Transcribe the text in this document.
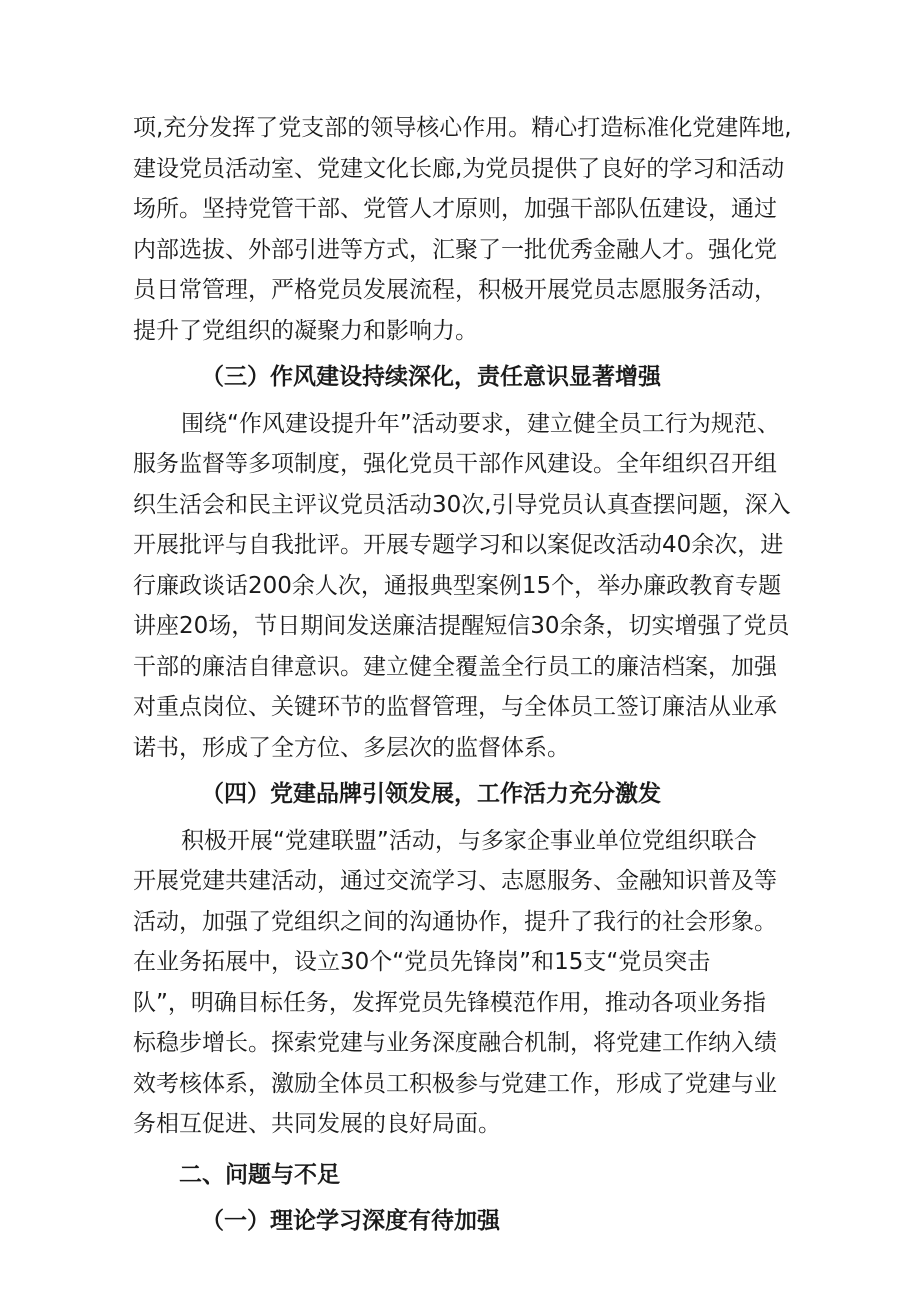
项,充分发挥了党支部的领导核心作用。精心打造标准化党建阵地,
建设党员活动室、党建文化长廊,为党员提供了良好的学习和活动
场所。坚持党管干部、党管人才原则，加强干部队伍建设，通过
内部选拔、外部引进等方式，汇聚了一批优秀金融人才。强化党
员日常管理，严格党员发展流程，积极开展党员志愿服务活动，
提升了党组织的凝聚力和影响力。
（三）作风建设持续深化，责任意识显著增强
围绕“作风建设提升年”活动要求，建立健全员工行为规范、
服务监督等多项制度，强化党员干部作风建设。全年组织召开组
织生活会和民主评议党员活动30次,引导党员认真查摆问题，深入
开展批评与自我批评。开展专题学习和以案促改活动40余次，进
行廉政谈话200余人次，通报典型案例15个，举办廉政教育专题
讲座20场，节日期间发送廉洁提醒短信30余条，切实增强了党员
干部的廉洁自律意识。建立健全覆盖全行员工的廉洁档案，加强
对重点岗位、关键环节的监督管理，与全体员工签订廉洁从业承
诺书，形成了全方位、多层次的监督体系。
（四）党建品牌引领发展，工作活力充分激发
积极开展“党建联盟”活动，与多家企事业单位党组织联合
开展党建共建活动，通过交流学习、志愿服务、金融知识普及等
活动，加强了党组织之间的沟通协作，提升了我行的社会形象。
在业务拓展中，设立30个“党员先锋岗”和15支“党员突击
队”，明确目标任务，发挥党员先锋模范作用，推动各项业务指
标稳步增长。探索党建与业务深度融合机制，将党建工作纳入绩
效考核体系，激励全体员工积极参与党建工作，形成了党建与业
务相互促进、共同发展的良好局面。
二、问题与不足
（一）理论学习深度有待加强
